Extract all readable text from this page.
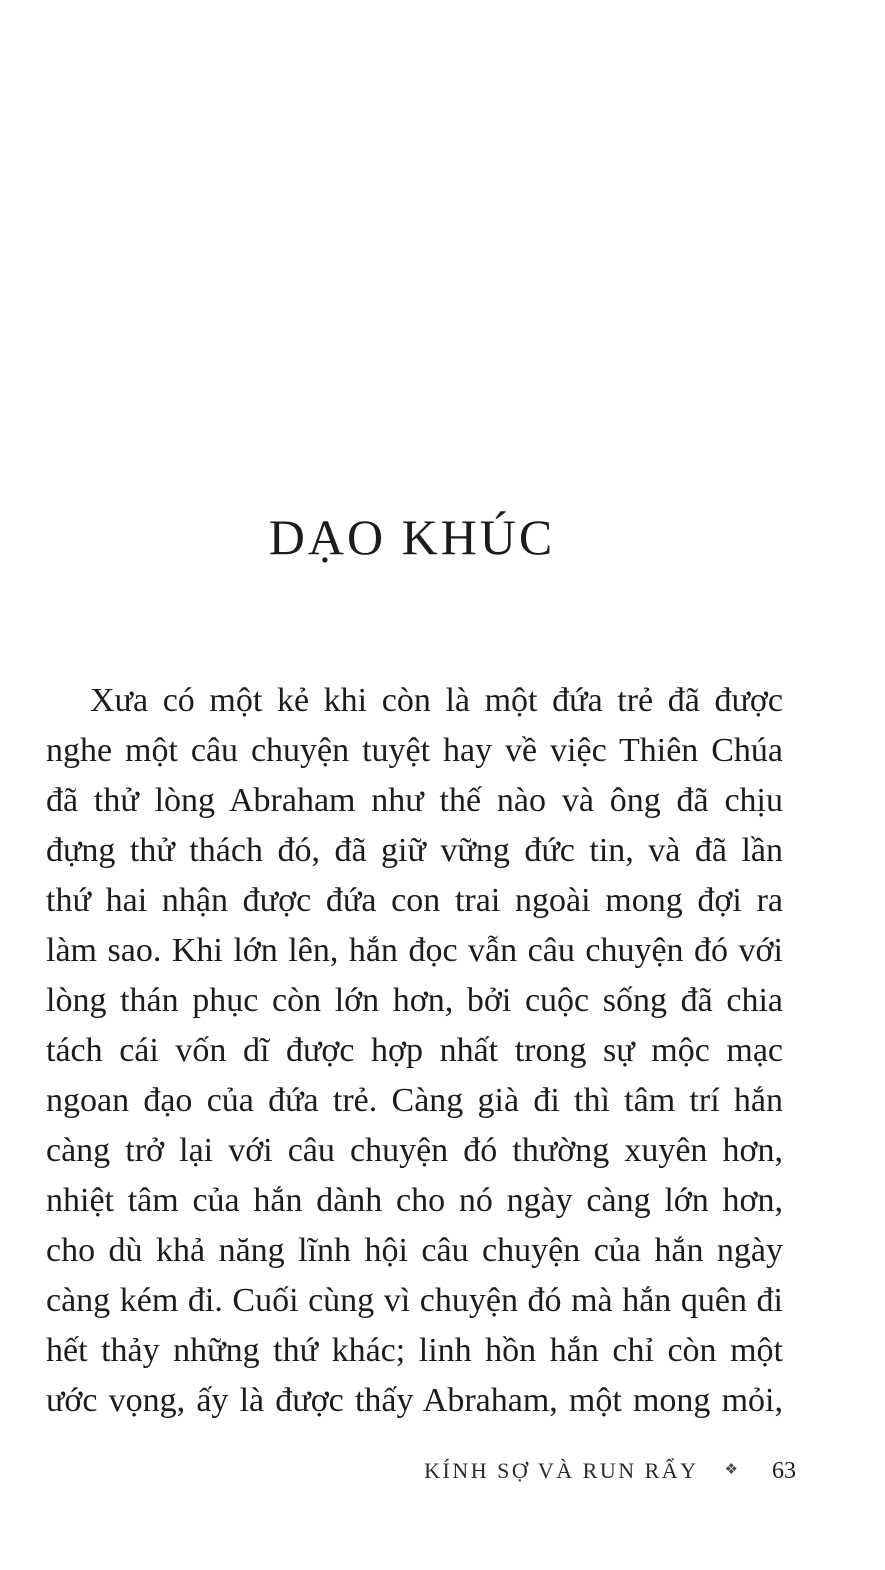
DẠO KHÚC
Xưa có một kẻ khi còn là một đứa trẻ đã được
nghe một câu chuyện tuyệt hay về việc Thiên Chúa
đã thử lòng Abraham như thế nào và ông đã chịu
đựng thử thách đó, đã giữ vững đức tin, và đã lần
thứ hai nhận được đứa con trai ngoài mong đợi ra
làm sao. Khi lớn lên, hắn đọc vẫn câu chuyện đó với
lòng thán phục còn lớn hơn, bởi cuộc sống đã chia
tách cái vốn dĩ được hợp nhất trong sự mộc mạc
ngoan đạo của đứa trẻ. Càng già đi thì tâm trí hắn
càng trở lại với câu chuyện đó thường xuyên hơn,
nhiệt tâm của hắn dành cho nó ngày càng lớn hơn,
cho dù khả năng lĩnh hội câu chuyện của hắn ngày
càng kém đi. Cuối cùng vì chuyện đó mà hắn quên đi
hết thảy những thứ khác; linh hồn hắn chỉ còn một
ước vọng, ấy là được thấy Abraham, một mong mỏi,
KÍNH SỢ VÀ RUN RẨY ❖ 63
